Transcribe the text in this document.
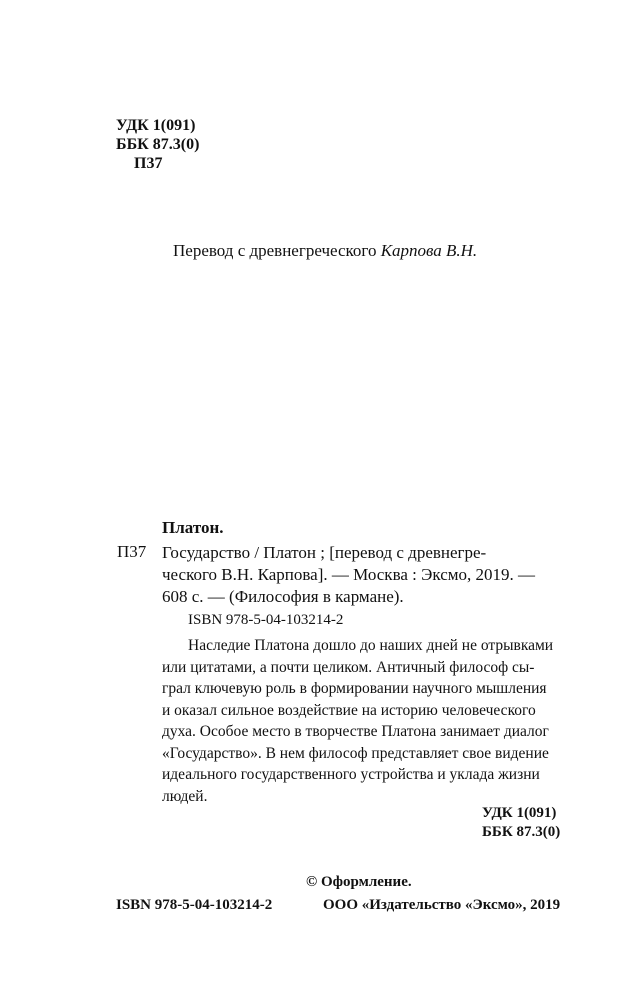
УДК 1(091)
ББК 87.3(0)
П37
Перевод с древнегреческого Карпова В.Н.
Платон.
П37 Государство / Платон ; [перевод с древнегре-
ческого В.Н. Карпова]. — Москва : Эксмо, 2019. —
608 с. — (Философия в кармане).
ISBN 978-5-04-103214-2
Наследие Платона дошло до наших дней не отрывками
или цитатами, а почти целиком. Античный философ сы-
грал ключевую роль в формировании научного мышления
и оказал сильное воздействие на историю человеческого
духа. Особое место в творчестве Платона занимает диалог
«Государство». В нем философ представляет свое видение
идеального государственного устройства и уклада жизни
людей.
УДК 1(091)
ББК 87.3(0)
© Оформление.
ISBN 978-5-04-103214-2	ООО «Издательство «Эксмо», 2019
